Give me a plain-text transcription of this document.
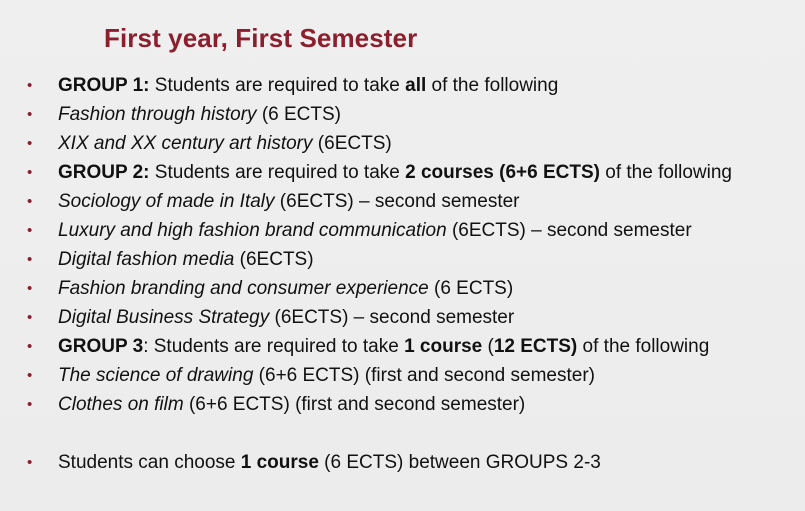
First year, First Semester
• GROUP 1: Students are required to take all of the following
• Fashion through history (6 ECTS)
• XIX and XX century art history (6ECTS)
• GROUP 2: Students are required to take 2 courses (6+6 ECTS) of the following
• Sociology of made in Italy (6ECTS) – second semester
• Luxury and high fashion brand communication (6ECTS) – second semester
• Digital fashion media (6ECTS)
• Fashion branding and consumer experience (6 ECTS)
• Digital Business Strategy (6ECTS) – second semester
• GROUP 3: Students are required to take 1 course (12 ECTS) of the following
• The science of drawing (6+6 ECTS) (first and second semester)
• Clothes on film (6+6 ECTS) (first and second semester)
• Students can choose 1 course (6 ECTS) between GROUPS 2-3
